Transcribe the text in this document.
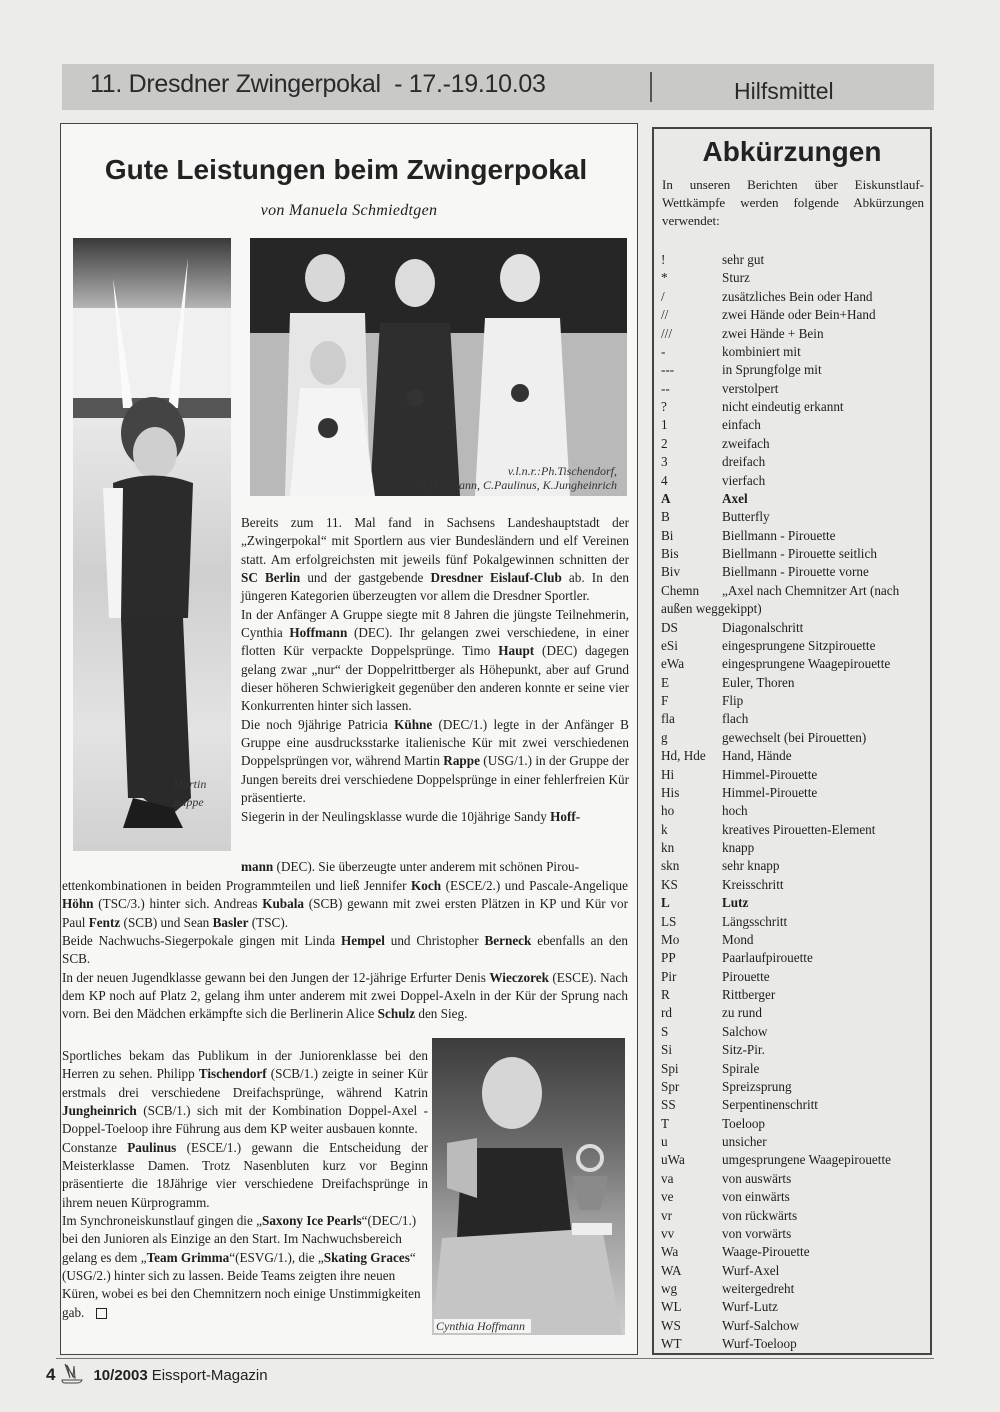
11. Dresdner Zwingerpokal  - 17.-19.10.03	Hilfsmittel
Gute Leistungen beim Zwingerpokal
von Manuela Schmiedtgen
Martin
Rappe
v.l.n.r.:Ph.Tischendorf,
S.Hoffmann, C.Paulinus, K.Jungheinrich
Cynthia Hoffmann

Bereits zum 11. Mal fand in Sachsens Landeshauptstadt der „Zwingerpokal“ mit Sportlern aus vier Bundesländern und elf Vereinen statt. Am erfolgreichsten mit jeweils fünf Pokalgewinnen schnitten der SC Berlin und der gastgebende Dresdner Eislauf-Club ab. In den jüngeren Kategorien überzeugten vor allem die Dresdner Sportler.

In der Anfänger A Gruppe siegte mit 8 Jahren die jüngste Teilnehmerin, Cynthia Hoffmann (DEC). Ihr gelangen zwei verschiedene, in einer flotten Kür verpackte Doppelsprünge. Timo Haupt (DEC) dagegen gelang zwar „nur“ der Doppelrittberger als Höhepunkt, aber auf Grund dieser höheren Schwierigkeit gegenüber den anderen konnte er seine vier Konkurrenten hinter sich lassen.

Die noch 9jährige Patricia Kühne (DEC/1.) legte in der Anfänger B Gruppe eine ausdrucksstarke italienische Kür mit zwei verschiedenen Doppelsprüngen vor, während Martin Rappe (USG/1.) in der Gruppe der Jungen bereits drei verschiedene Doppelsprünge in einer fehlerfreien Kür präsentierte.

Siegerin in der Neulingsklasse wurde die 10jährige Sandy Hoff-

mann (DEC). Sie überzeugte unter anderem mit schönen Pirou-

ettenkombinationen in beiden Programmteilen und ließ Jennifer Koch (ESCE/2.) und Pascale-Angelique Höhn (TSC/3.) hinter sich. Andreas Kubala (SCB) gewann mit zwei ersten Plätzen in KP und Kür vor Paul Fentz (SCB) und Sean Basler (TSC).

Beide Nachwuchs-Siegerpokale gingen mit Linda Hempel und Christopher Berneck ebenfalls an den SCB.

In der neuen Jugendklasse gewann bei den Jungen der 12-jährige Erfurter Denis Wieczorek (ESCE). Nach dem KP noch auf Platz 2, gelang ihm unter anderem mit zwei Doppel-Axeln in der Kür der Sprung nach vorn. Bei den Mädchen erkämpfte sich die Berlinerin Alice Schulz den Sieg.

Sportliches bekam das Publikum in der Juniorenklasse bei den Herren zu sehen. Philipp Tischendorf (SCB/1.) zeigte in seiner Kür erstmals drei verschiedene Dreifachsprünge, während Katrin Jungheinrich (SCB/1.) sich mit der Kombination Doppel-Axel - Doppel-Toeloop ihre Führung aus dem KP weiter ausbauen konnte.

Constanze Paulinus (ESCE/1.) gewann die Entscheidung der Meisterklasse Damen. Trotz Nasenbluten kurz vor Beginn präsentierte die 18Jährige vier verschiedene Dreifachsprünge in ihrem neuen Kürprogramm.

Im Synchroneiskunstlauf gingen die „Saxony Ice Pearls“(DEC/1.) bei den Junioren als Einzige an den Start. Im Nachwuchsbereich gelang es dem „Team Grimma“(ESVG/1.), die „Skating Graces“ (USG/2.) hinter sich zu lassen. Beide Teams zeigten ihre neuen Küren, wobei es bei den Chemnitzern noch einige Unstimmigkeiten gab.

Abkürzungen
In unseren Berichten über Eiskunstlauf-Wettkämpfe werden folgende Abkürzungen verwendet:
!	sehr gut
*	Sturz
/	zusätzliches Bein oder Hand
//	zwei Hände oder Bein+Hand
///	zwei Hände + Bein
-	kombiniert mit
---	in Sprungfolge mit
--	verstolpert
?	nicht eindeutig erkannt
1	einfach
2	zweifach
3	dreifach
4	vierfach
A	Axel
B	Butterfly
Bi	Biellmann - Pirouette
Bis	Biellmann - Pirouette seitlich
Biv	Biellmann - Pirouette vorne
Chemn „Axel nach Chemnitzer Art (nach außen weggekippt)
DS	Diagonalschritt
eSi	eingesprungene Sitzpirouette
eWa	eingesprungene Waagepirouette
E	Euler, Thoren
F	Flip
fla	flach
g	gewechselt (bei Pirouetten)
Hd, Hde	Hand, Hände
Hi	Himmel-Pirouette
His	Himmel-Pirouette
ho	hoch
k	kreatives Pirouetten-Element
kn	knapp
skn	sehr knapp
KS	Kreisschritt
L	Lutz
LS	Längsschritt
Mo	Mond
PP	Paarlaufpirouette
Pir	Pirouette
R	Rittberger
rd	zu rund
S	Salchow
Si	Sitz-Pir.
Spi	Spirale
Spr	Spreizsprung
SS	Serpentinenschritt
T	Toeloop
u	unsicher
uWa	umgesprungene Waagepirouette
va	von auswärts
ve	von einwärts
vr	von rückwärts
vv	von vorwärts
Wa	Waage-Pirouette
WA	Wurf-Axel
wg	weitergedreht
WL	Wurf-Lutz
WS	Wurf-Salchow
WT	Wurf-Toeloop
4	10/2003 Eissport-Magazin
